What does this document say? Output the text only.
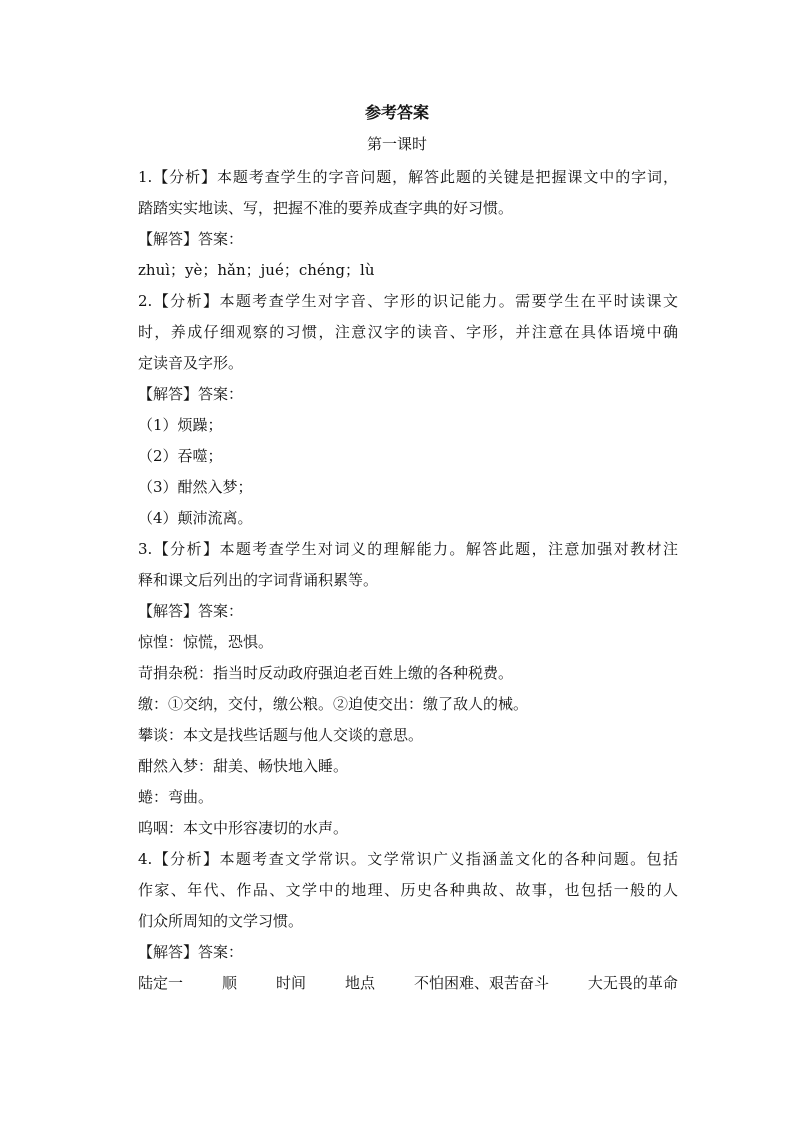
参考答案
第一课时
1.【分析】本题考查学生的字音问题，解答此题的关键是把握课文中的字词，
踏踏实实地读、写，把握不准的要养成查字典的好习惯。
【解答】答案：
zhuì；yè；hǎn；jué；chéng；lù
2.【分析】本题考查学生对字音、字形的识记能力。需要学生在平时读课文
时，养成仔细观察的习惯，注意汉字的读音、字形，并注意在具体语境中确
定读音及字形。
【解答】答案：
（1）烦躁；
（2）吞噬；
（3）酣然入梦；
（4）颠沛流离。
3.【分析】本题考查学生对词义的理解能力。解答此题，注意加强对教材注
释和课文后列出的字词背诵积累等。
【解答】答案：
惊惶：惊慌，恐惧。
苛捐杂税：指当时反动政府强迫老百姓上缴的各种税费。
缴：①交纳，交付，缴公粮。②迫使交出：缴了敌人的械。
攀谈：本文是找些话题与他人交谈的意思。
酣然入梦：甜美、畅快地入睡。
蜷：弯曲。
呜咽：本文中形容凄切的水声。
4.【分析】本题考查文学常识。文学常识广义指涵盖文化的各种问题。包括
作家、年代、作品、文学中的地理、历史各种典故、故事，也包括一般的人
们众所周知的文学习惯。
【解答】答案：
陆定一	顺	时间	地点	不怕困难、艰苦奋斗	大无畏的革命
